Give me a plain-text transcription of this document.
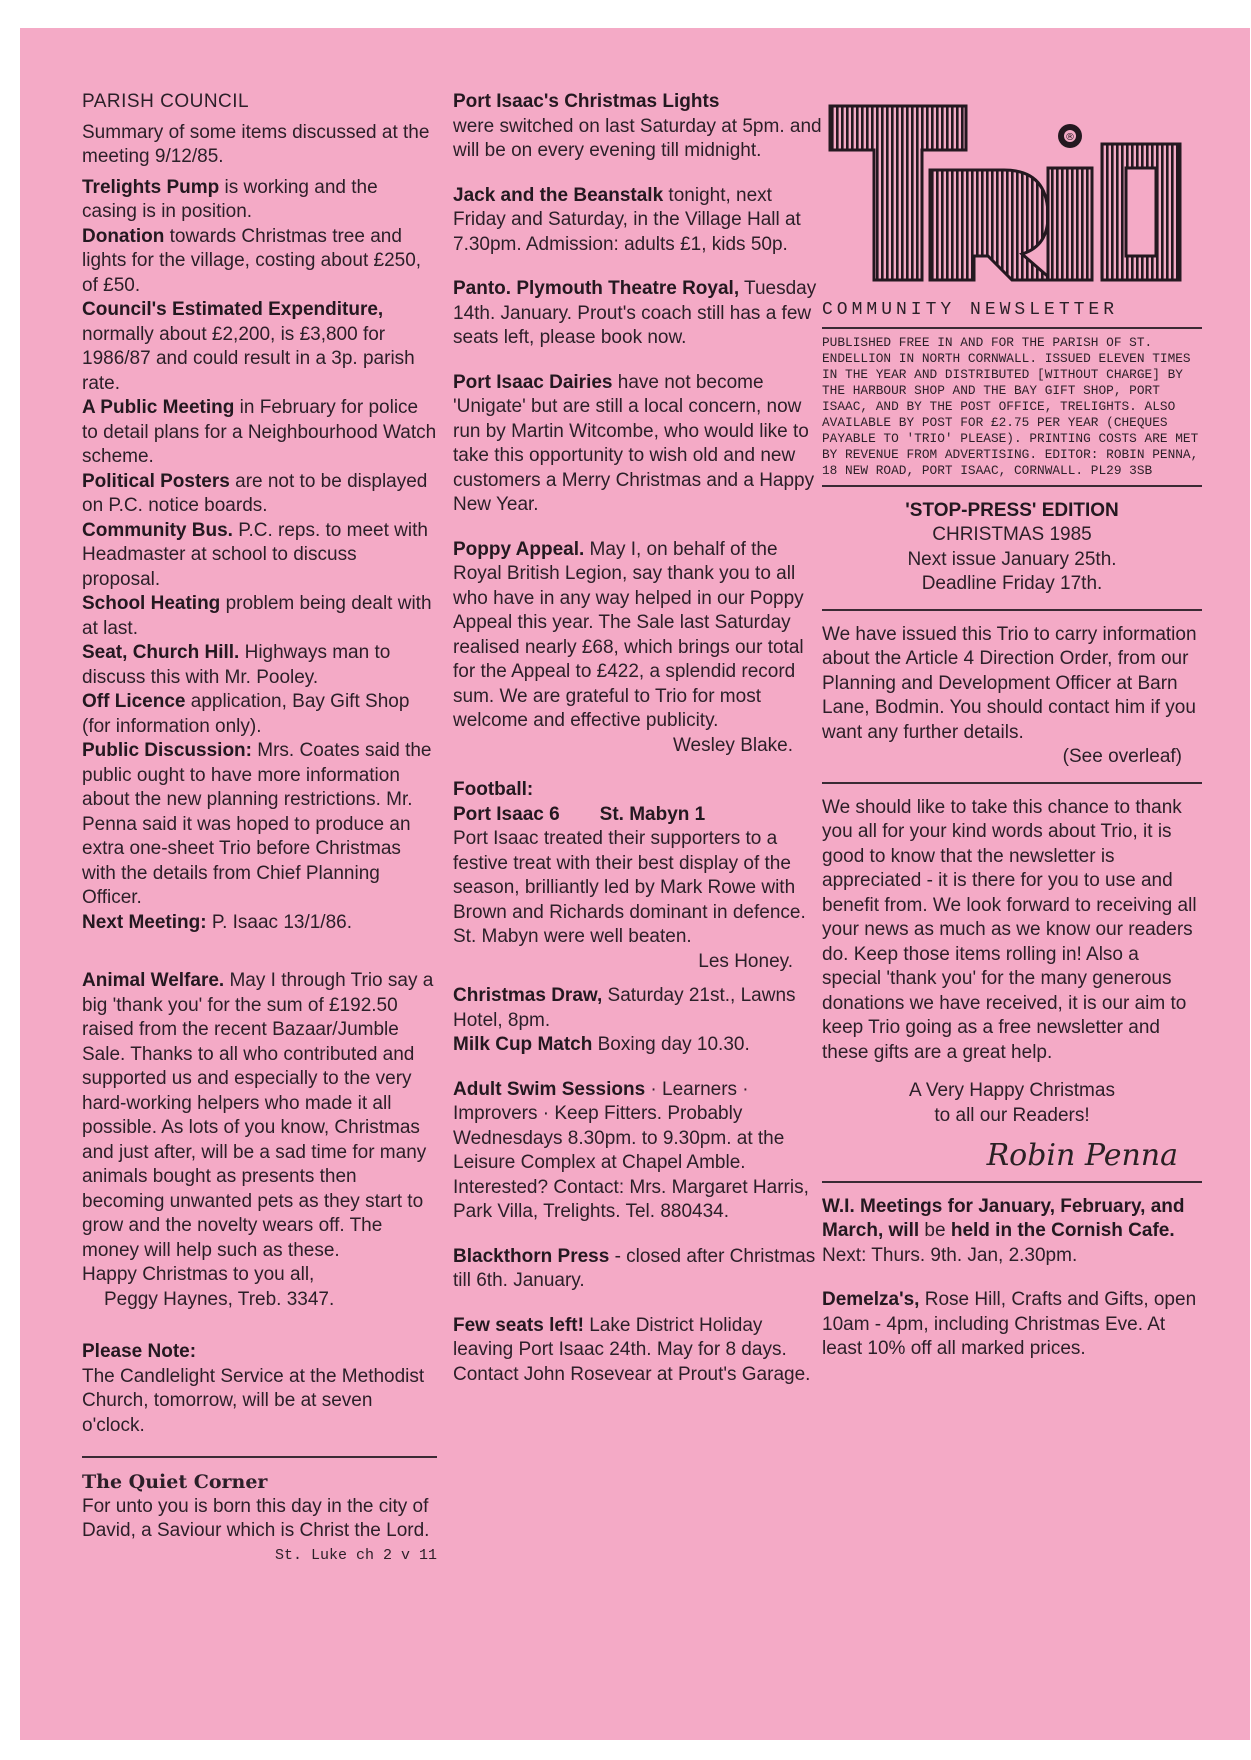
PARISH COUNCIL

Summary of some items discussed at the meeting 9/12/85.

Trelights Pump is working and the casing is in position.

Donation towards Christmas tree and lights for the village, costing about £250, of £50.

Council's Estimated Expenditure, normally about £2,200, is £3,800 for 1986/87 and could result in a 3p. parish rate.

A Public Meeting in February for police to detail plans for a Neighbourhood Watch scheme.

Political Posters are not to be displayed on P.C. notice boards.

Community Bus. P.C. reps. to meet with Headmaster at school to discuss proposal.

School Heating problem being dealt with at last.

Seat, Church Hill. Highways man to discuss this with Mr. Pooley.

Off Licence application, Bay Gift Shop (for information only).

Public Discussion: Mrs. Coates said the public ought to have more information about the new planning restrictions. Mr. Penna said it was hoped to produce an extra one-sheet Trio before Christmas with the details from Chief Planning Officer.

Next Meeting: P. Isaac 13/1/86.

Animal Welfare. May I through Trio say a big 'thank you' for the sum of £192.50 raised from the recent Bazaar/Jumble Sale. Thanks to all who contributed and supported us and especially to the very hard-working helpers who made it all possible. As lots of you know, Christmas and just after, will be a sad time for many animals bought as presents then becoming unwanted pets as they start to grow and the novelty wears off. The money will help such as these.

Happy Christmas to you all,

Peggy Haynes, Treb. 3347.

Please Note:

The Candlelight Service at the Methodist Church, tomorrow, will be at seven o'clock.

The Quiet Corner

For unto you is born this day in the city of David, a Saviour which is Christ the Lord.

St. Luke ch 2 v 11

Port Isaac's Christmas Lights

were switched on last Saturday at 5pm. and will be on every evening till midnight.

Jack and the Beanstalk tonight, next Friday and Saturday, in the Village Hall at 7.30pm. Admission: adults £1, kids 50p.

Panto. Plymouth Theatre Royal, Tuesday 14th. January. Prout's coach still has a few seats left, please book now.

Port Isaac Dairies have not become 'Unigate' but are still a local concern, now run by Martin Witcombe, who would like to take this opportunity to wish old and new customers a Merry Christmas and a Happy New Year.

Poppy Appeal. May I, on behalf of the Royal British Legion, say thank you to all who have in any way helped in our Poppy Appeal this year. The Sale last Saturday realised nearly £68, which brings our total for the Appeal to £422, a splendid record sum. We are grateful to Trio for most welcome and effective publicity.

Wesley Blake.

Football:

Port Isaac 6 St. Mabyn 1

Port Isaac treated their supporters to a festive treat with their best display of the season, brilliantly led by Mark Rowe with Brown and Richards dominant in defence. St. Mabyn were well beaten.

Les Honey.

Christmas Draw, Saturday 21st., Lawns Hotel, 8pm.

Milk Cup Match Boxing day 10.30.

Adult Swim Sessions · Learners · Improvers · Keep Fitters. Probably Wednesdays 8.30pm. to 9.30pm. at the Leisure Complex at Chapel Amble. Interested? Contact: Mrs. Margaret Harris, Park Villa, Trelights. Tel. 880434.

Blackthorn Press - closed after Christmas till 6th. January.

Few seats left! Lake District Holiday leaving Port Isaac 24th. May for 8 days. Contact John Rosevear at Prout's Garage.

®
TRIO

COMMUNITY NEWSLETTER

PUBLISHED FREE IN AND FOR THE PARISH OF ST. ENDELLION IN NORTH CORNWALL. ISSUED ELEVEN TIMES IN THE YEAR AND DISTRIBUTED [WITHOUT CHARGE] BY THE HARBOUR SHOP AND THE BAY GIFT SHOP, PORT ISAAC, AND BY THE POST OFFICE, TRELIGHTS. ALSO AVAILABLE BY POST FOR £2.75 PER YEAR (CHEQUES PAYABLE TO 'TRIO' PLEASE). PRINTING COSTS ARE MET BY REVENUE FROM ADVERTISING. EDITOR: ROBIN PENNA, 18 NEW ROAD, PORT ISAAC, CORNWALL. PL29 3SB

'STOP-PRESS' EDITION

CHRISTMAS 1985

Next issue January 25th.

Deadline Friday 17th.

We have issued this Trio to carry information about the Article 4 Direction Order, from our Planning and Development Officer at Barn Lane, Bodmin. You should contact him if you want any further details.

(See overleaf)

We should like to take this chance to thank you all for your kind words about Trio, it is good to know that the newsletter is appreciated - it is there for you to use and benefit from. We look forward to receiving all your news as much as we know our readers do. Keep those items rolling in! Also a special 'thank you' for the many generous donations we have received, it is our aim to keep Trio going as a free newsletter and these gifts are a great help.

A Very Happy Christmas

to all our Readers!

Robin Penna

W.I. Meetings for January, February, and March, will be held in the Cornish Cafe.

Next: Thurs. 9th. Jan, 2.30pm.

Demelza's, Rose Hill, Crafts and Gifts, open 10am - 4pm, including Christmas Eve. At least 10% off all marked prices.
